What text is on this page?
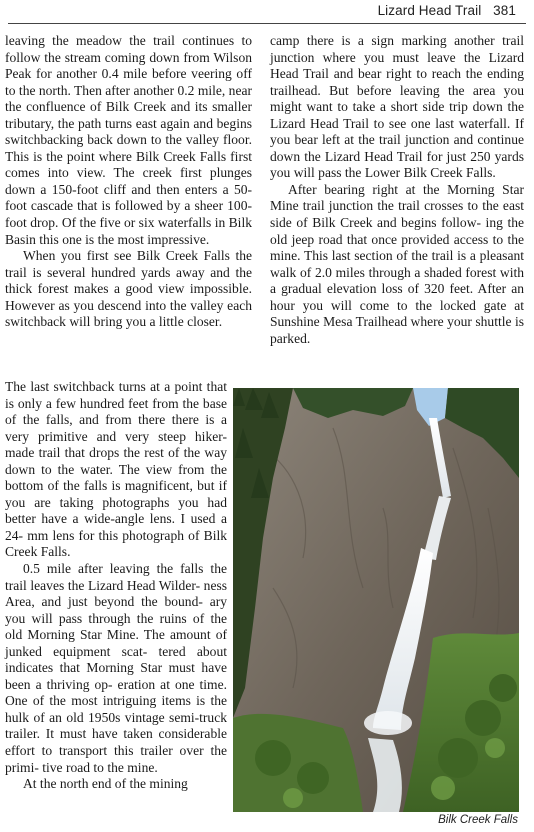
Lizard Head Trail 381

leaving the meadow the trail continues to follow the stream coming down from Wilson Peak for another 0.4 mile before veering off to the north. Then after another 0.2 mile, near the confluence of Bilk Creek and its smaller tributary, the path turns east again and begins switchbacking back down to the valley floor. This is the point where Bilk Creek Falls first comes into view. The creek first plunges down a 150-foot cliff and then enters a 50-foot cascade that is followed by a sheer 100-foot drop. Of the five or six waterfalls in Bilk Basin this one is the most impressive.

When you first see Bilk Creek Falls the trail is several hundred yards away and the thick forest makes a good view impossible. However as you descend into the valley each switchback will bring you a little closer.

The last switchback turns at a point that is only a few hundred feet from the base of the falls, and from there there is a very primitive and very steep hiker-made trail that drops the rest of the way down to the water. The view from the bottom of the falls is magnificent, but if you are taking photographs you had better have a wide-angle lens. I used a 24- mm lens for this photograph of Bilk Creek Falls.

0.5 mile after leaving the falls the trail leaves the Lizard Head Wilder- ness Area, and just beyond the bound- ary you will pass through the ruins of the old Morning Star Mine. The amount of junked equipment scat- tered about indicates that Morning Star must have been a thriving op- eration at one time. One of the most intriguing items is the hulk of an old 1950s vintage semi-truck trailer. It must have taken considerable effort to transport this trailer over the primi- tive road to the mine.

At the north end of the mining

camp there is a sign marking another trail junction where you must leave the Lizard Head Trail and bear right to reach the ending trailhead. But before leaving the area you might want to take a short side trip down the Lizard Head Trail to see one last waterfall. If you bear left at the trail junction and continue down the Lizard Head Trail for just 250 yards you will pass the Lower Bilk Creek Falls.

After bearing right at the Morning Star Mine trail junction the trail crosses to the east side of Bilk Creek and begins follow- ing the old jeep road that once provided access to the mine. This last section of the trail is a pleasant walk of 2.0 miles through a shaded forest with a gradual elevation loss of 320 feet. After an hour you will come to the locked gate at Sunshine Mesa Trailhead where your shuttle is parked.

Bilk Creek Falls
